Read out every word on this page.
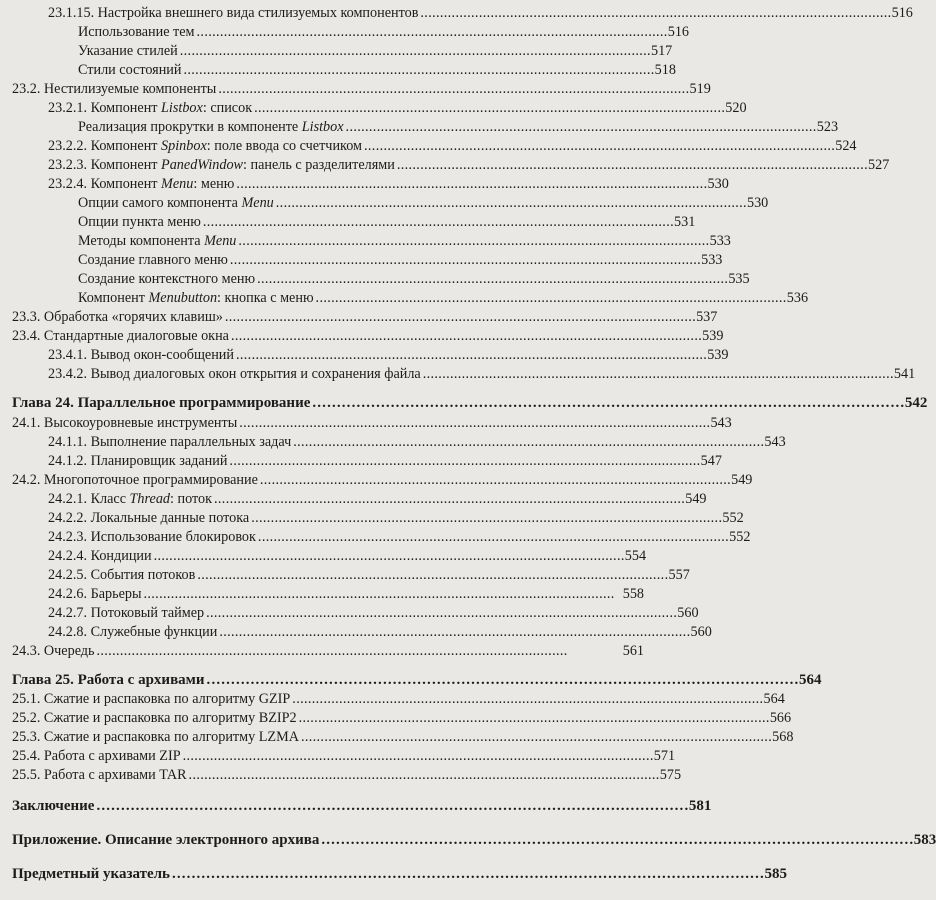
23.1.15. Настройка внешнего вида стилизуемых компонентов . . .	516
Использование тем . . .	516
Указание стилей . . .	517
Стили состояний . . .	518
23.2. Нестилизуемые компоненты . . .	519
23.2.1. Компонент Listbox: список . . .	520
Реализация прокрутки в компоненте Listbox . . .	523
23.2.2. Компонент Spinbox: поле ввода со счетчиком . . .	524
23.2.3. Компонент PanedWindow: панель с разделителями . . .	527
23.2.4. Компонент Menu: меню . . .	530
Опции самого компонента Menu . . .	530
Опции пункта меню . . .	531
Методы компонента Menu . . .	533
Создание главного меню . . .	533
Создание контекстного меню . . .	535
Компонент Menubutton: кнопка с меню . . .	536
23.3. Обработка «горячих клавиш» . . .	537
23.4. Стандартные диалоговые окна . . .	539
23.4.1. Вывод окон-сообщений . . .	539
23.4.2. Вывод диалоговых окон открытия и сохранения файла . . .	541
Глава 24. Параллельное программирование . . .	542
24.1. Высокоуровневые инструменты . . .	543
24.1.1. Выполнение параллельных задач . . .	543
24.1.2. Планировщик заданий . . .	547
24.2. Многопоточное программирование . . .	549
24.2.1. Класс Thread: поток . . .	549
24.2.2. Локальные данные потока . . .	552
24.2.3. Использование блокировок . . .	552
24.2.4. Кондиции . . .	554
24.2.5. События потоков . . .	557
24.2.6. Барьеры . . .	558
24.2.7. Потоковый таймер . . .	560
24.2.8. Служебные функции . . .	560
24.3. Очередь . . .	561
Глава 25. Работа с архивами . . .	564
25.1. Сжатие и распаковка по алгоритму GZIP . . .	564
25.2. Сжатие и распаковка по алгоритму BZIP2 . . .	566
25.3. Сжатие и распаковка по алгоритму LZMA . . .	568
25.4. Работа с архивами ZIP . . .	571
25.5. Работа с архивами TAR . . .	575
Заключение . . .	581
Приложение. Описание электронного архива . . .	583
Предметный указатель . . .	585
